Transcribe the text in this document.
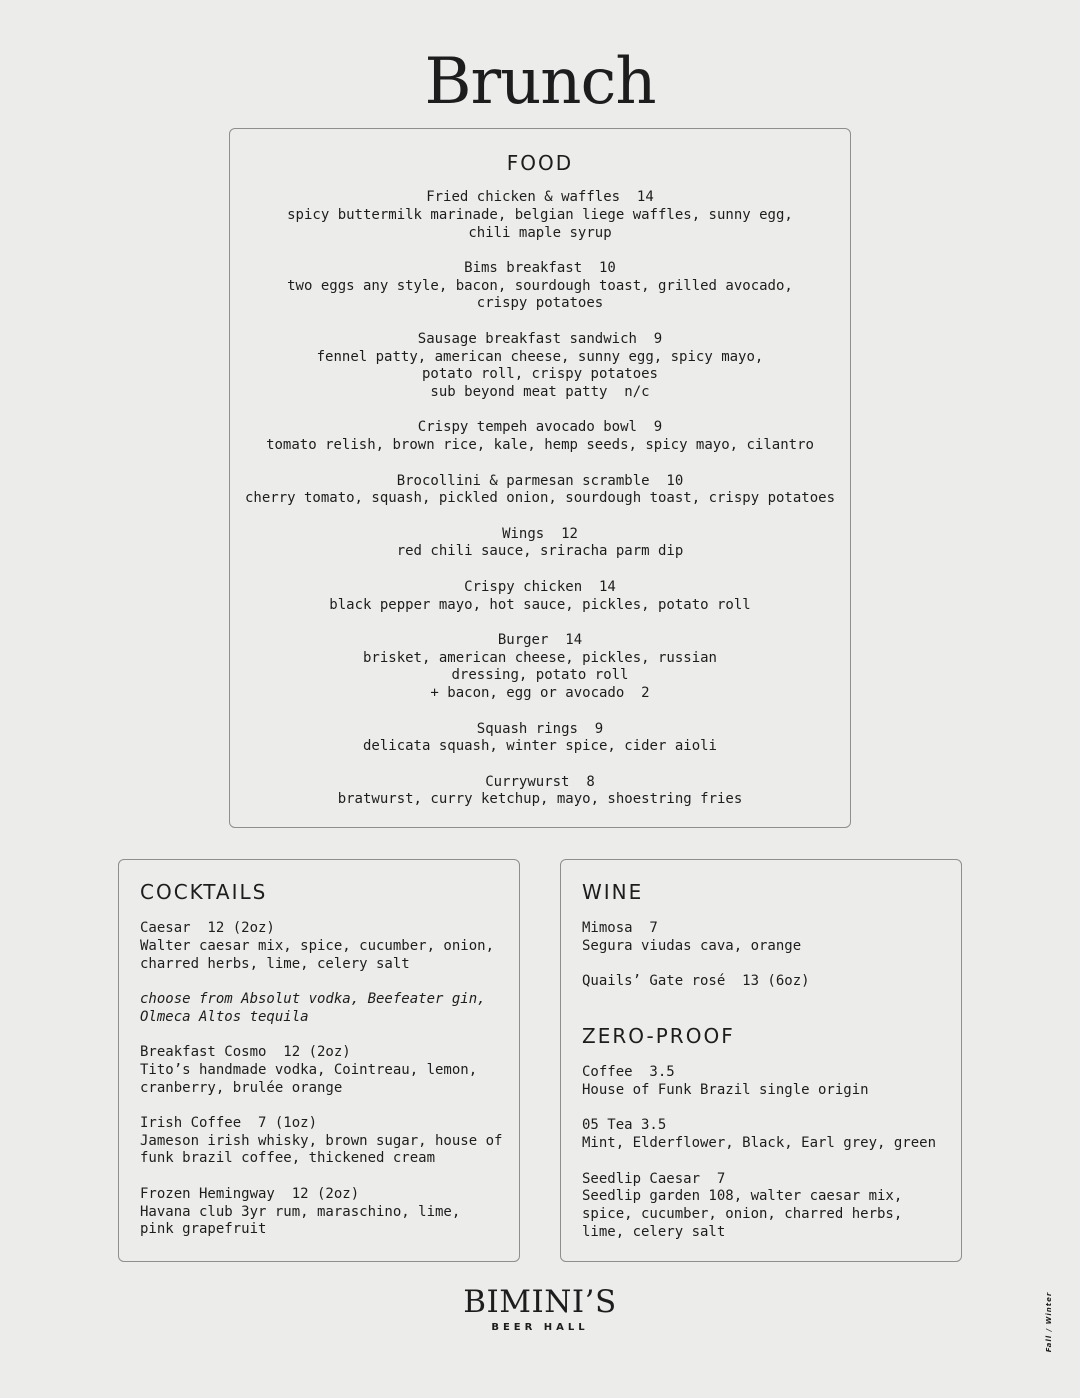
Brunch
FOOD
Fried chicken & waffles  14
spicy buttermilk marinade, belgian liege waffles, sunny egg,
chili maple syrup
Bims breakfast  10
two eggs any style, bacon, sourdough toast, grilled avocado,
crispy potatoes
Sausage breakfast sandwich  9
fennel patty, american cheese, sunny egg, spicy mayo,
potato roll, crispy potatoes
sub beyond meat patty  n/c
Crispy tempeh avocado bowl  9
tomato relish, brown rice, kale, hemp seeds, spicy mayo, cilantro
Brocollini & parmesan scramble  10
cherry tomato, squash, pickled onion, sourdough toast, crispy potatoes
Wings  12
red chili sauce, sriracha parm dip
Crispy chicken  14
black pepper mayo, hot sauce, pickles, potato roll
Burger  14
brisket, american cheese, pickles, russian
dressing, potato roll
+ bacon, egg or avocado  2
Squash rings  9
delicata squash, winter spice, cider aioli
Currywurst  8
bratwurst, curry ketchup, mayo, shoestring fries
COCKTAILS
Caesar  12 (2oz)
Walter caesar mix, spice, cucumber, onion,
charred herbs, lime, celery salt
choose from Absolut vodka, Beefeater gin,
Olmeca Altos tequila
Breakfast Cosmo  12 (2oz)
Tito’s handmade vodka, Cointreau, lemon,
cranberry, brulée orange
Irish Coffee  7 (1oz)
Jameson irish whisky, brown sugar, house of
funk brazil coffee, thickened cream
Frozen Hemingway  12 (2oz)
Havana club 3yr rum, maraschino, lime,
pink grapefruit
WINE
Mimosa  7
Segura viudas cava, orange
Quails’ Gate rosé  13 (6oz)
ZERO-PROOF
Coffee  3.5
House of Funk Brazil single origin
05 Tea 3.5
Mint, Elderflower, Black, Earl grey, green
Seedlip Caesar  7
Seedlip garden 108, walter caesar mix,
spice, cucumber, onion, charred herbs,
lime, celery salt
BIMINI’S
BEER HALL	Fall / Winter
